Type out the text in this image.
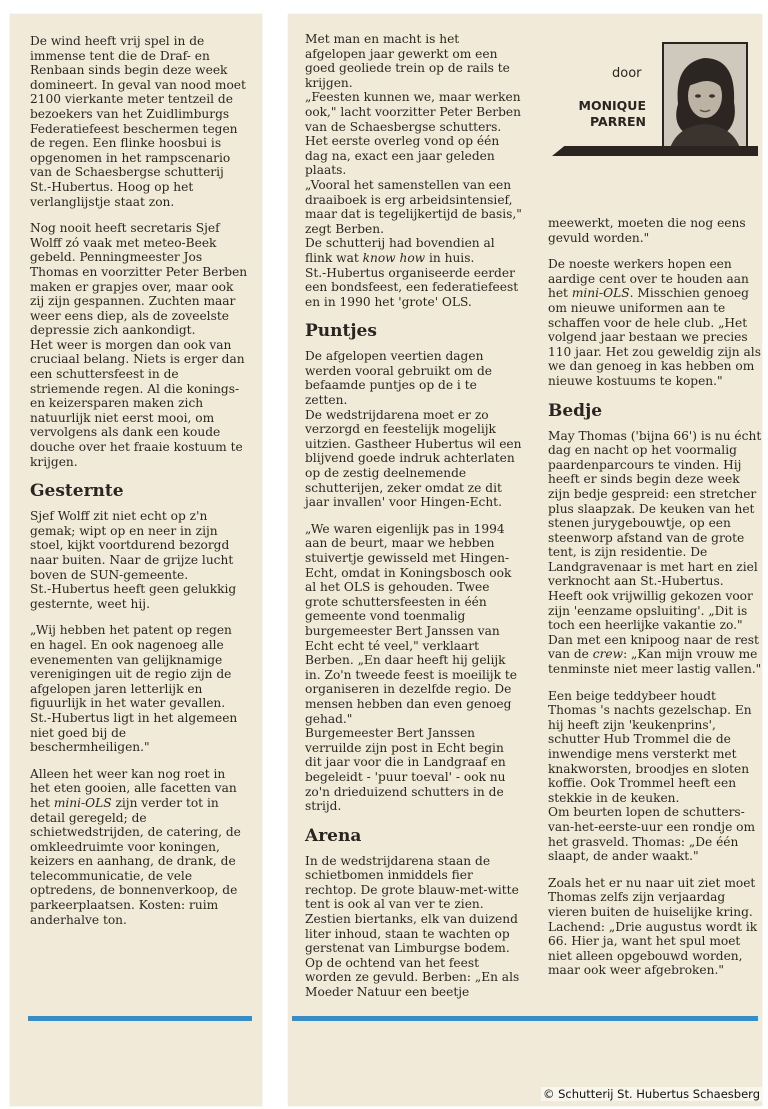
De wind heeft vrij spel in de immense tent die de Draf- en Renbaan sinds begin deze week domineert. In geval van nood moet 2100 vierkante meter tentzeil de bezoekers van het Zuidlimburgs Federatiefeest beschermen tegen de regen. Een flinke hoosbui is opgenomen in het rampscenario van de Schaesbergse schutterij St.-Hubertus. Hoog op het verlanglijstje staat zon.

Nog nooit heeft secretaris Sjef Wolff zó vaak met meteo-Beek gebeld. Penningmeester Jos Thomas en voorzitter Peter Berben maken er grapjes over, maar ook zij zijn gespannen. Zuchten maar weer eens diep, als de zoveelste depressie zich aankondigt.

Het weer is morgen dan ook van cruciaal belang. Niets is erger dan een schuttersfeest in de striemende regen. Al die konings- en keizersparen maken zich natuurlijk niet eerst mooi, om vervolgens als dank een koude douche over het fraaie kostuum te krijgen.

Gesternte

Sjef Wolff zit niet echt op z'n gemak; wipt op en neer in zijn stoel, kijkt voortdurend bezorgd naar buiten. Naar de grijze lucht boven de SUN-gemeente.

St.-Hubertus heeft geen gelukkig gesternte, weet hij.

„Wij hebben het patent op regen en hagel. En ook nagenoeg alle evenementen van gelijknamige verenigingen uit de regio zijn de afgelopen jaren letterlijk en figuurlijk in het water gevallen. St.-Hubertus ligt in het algemeen niet goed bij de beschermheiligen."

Alleen het weer kan nog roet in het eten gooien, alle facetten van het mini-OLS zijn verder tot in detail geregeld; de schietwedstrijden, de catering, de omkleedruimte voor koningen, keizers en aanhang, de drank, de telecommunicatie, de vele optredens, de bonnenverkoop, de parkeerplaatsen. Kosten: ruim anderhalve ton.

Met man en macht is het afgelopen jaar gewerkt om een goed geoliede trein op de rails te krijgen.

„Feesten kunnen we, maar werken ook," lacht voorzitter Peter Berben van de Schaesbergse schutters.

Het eerste overleg vond op één dag na, exact een jaar geleden plaats.

„Vooral het samenstellen van een draaiboek is erg arbeidsintensief, maar dat is tegelijkertijd de basis," zegt Berben.

De schutterij had bovendien al flink wat know how in huis.

St.-Hubertus organiseerde eerder een bondsfeest, een federatiefeest en in 1990 het 'grote' OLS.

Puntjes

De afgelopen veertien dagen werden vooral gebruikt om de befaamde puntjes op de i te zetten.

De wedstrijdarena moet er zo verzorgd en feestelijk mogelijk uitzien. Gastheer Hubertus wil een blijvend goede indruk achterlaten op de zestig deelnemende schutterijen, zeker omdat ze dit jaar invallen' voor Hingen-Echt.

„We waren eigenlijk pas in 1994 aan de beurt, maar we hebben stuivertje gewisseld met Hingen-Echt, omdat in Koningsbosch ook al het OLS is gehouden. Twee grote schuttersfeesten in één gemeente vond toenmalig burgemeester Bert Janssen van Echt echt té veel," verklaart Berben. „En daar heeft hij gelijk in. Zo'n tweede feest is moeilijk te organiseren in dezelfde regio. De mensen hebben dan even genoeg gehad."

Burgemeester Bert Janssen verruilde zijn post in Echt begin dit jaar voor die in Landgraaf en begeleidt - 'puur toeval' - ook nu zo'n drieduizend schutters in de strijd.

Arena

In de wedstrijdarena staan de schietbomen inmiddels fier rechtop. De grote blauw-met-witte tent is ook al van ver te zien.

Zestien biertanks, elk van duizend liter inhoud, staan te wachten op gerstenat van Limburgse bodem.

Op de ochtend van het feest worden ze gevuld. Berben: „En als Moeder Natuur een beetje

door
MONIQUE
PARREN

meewerkt, moeten die nog eens gevuld worden."

De noeste werkers hopen een aardige cent over te houden aan het mini-OLS. Misschien genoeg om nieuwe uniformen aan te schaffen voor de hele club. „Het volgend jaar bestaan we precies 110 jaar. Het zou geweldig zijn als we dan genoeg in kas hebben om nieuwe kostuums te kopen."

Bedje

May Thomas ('bijna 66') is nu écht dag en nacht op het voormalig paardenparcours te vinden. Hij heeft er sinds begin deze week zijn bedje gespreid: een stretcher plus slaapzak. De keuken van het stenen jurygebouwtje, op een steenworp afstand van de grote tent, is zijn residentie. De Landgravenaar is met hart en ziel verknocht aan St.-Hubertus.

Heeft ook vrijwillig gekozen voor zijn 'eenzame opsluiting'. „Dit is toch een heerlijke vakantie zo." Dan met een knipoog naar de rest van de crew: „Kan mijn vrouw me tenminste niet meer lastig vallen."

Een beige teddybeer houdt Thomas 's nachts gezelschap. En hij heeft zijn 'keukenprins', schutter Hub Trommel die de inwendige mens versterkt met knakworsten, broodjes en sloten koffie. Ook Trommel heeft een stekkie in de keuken.

Om beurten lopen de schutters-van-het-eerste-uur een rondje om het grasveld. Thomas: „De één slaapt, de ander waakt."

Zoals het er nu naar uit ziet moet Thomas zelfs zijn verjaardag vieren buiten de huiselijke kring. Lachend: „Drie augustus wordt ik 66. Hier ja, want het spul moet niet alleen opgebouwd worden, maar ook weer afgebroken."

© Schutterij St. Hubertus Schaesberg
